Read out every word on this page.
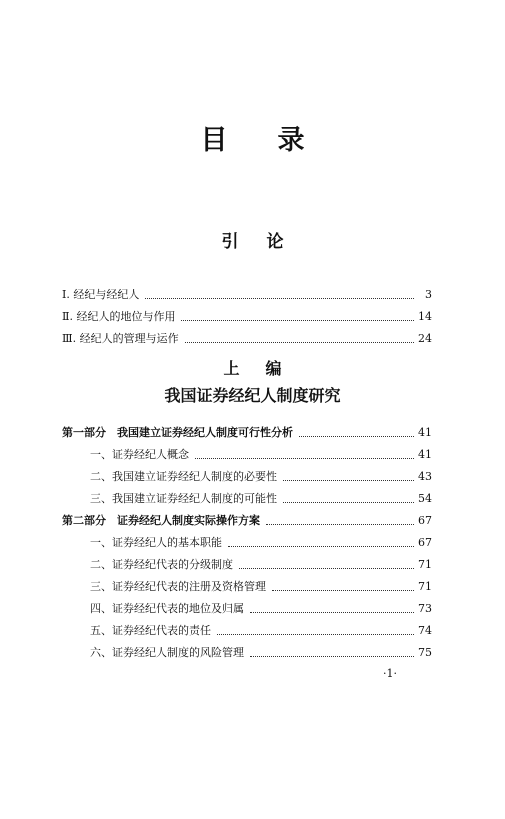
目录
引论
Ⅰ. 经纪与经纪人	3
Ⅱ. 经纪人的地位与作用	14
Ⅲ. 经纪人的管理与运作	24
上编
我国证券经纪人制度研究
第一部分　我国建立证券经纪人制度可行性分析	41
一、证券经纪人概念	41
二、我国建立证券经纪人制度的必要性	43
三、我国建立证券经纪人制度的可能性	54
第二部分　证券经纪人制度实际操作方案	67
一、证券经纪人的基本职能	67
二、证券经纪代表的分级制度	71
三、证券经纪代表的注册及资格管理	71
四、证券经纪代表的地位及归属	73
五、证券经纪代表的责任	74
六、证券经纪人制度的风险管理	75
·1·
